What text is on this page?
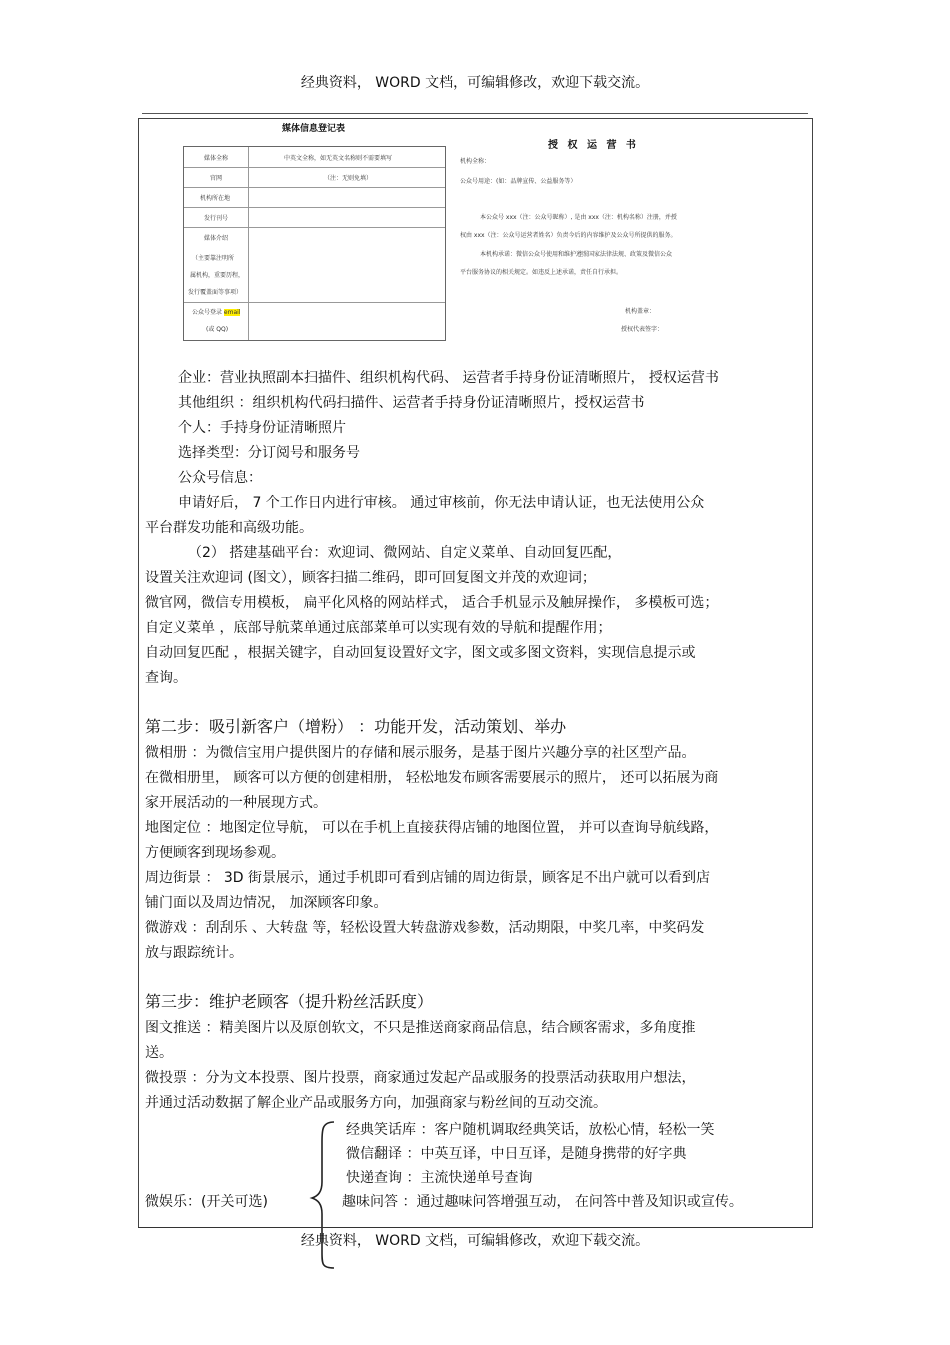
经典资料， WORD 文档，可编辑修改，欢迎下载交流。
媒体信息登记表
媒体全称	中英文全称，如无英文名称则不需要填写
官网	（注：无则免填）
机构所在地
发行刊号
媒体介绍
（主要靠注明所
属机构，重要历程，
发行覆盖面等事项）
公众号登录 email
(或 QQ)
授 权 运 营 书
机构全称：
公众号用途：(如：品牌宣传、公益服务等）
本公众号 xxx（注：公众号昵称）, 是由 xxx（注：机构名称）注册，并授
权由 xxx（注：公众号运营者姓名）负责今后的内容维护及公众号所提供的服务。
本机构承诺：微信公众号使用和维护遵照国家法律法规、政策及微信公众
平台服务协议的相关规定。如违反上述承诺，责任自行承担。
机构盖章：
授权代表签字：
企业：营业执照副本扫描件、组织机构代码、 运营者手持身份证清晰照片， 授权运营书
其他组织 ：组织机构代码扫描件、运营者手持身份证清晰照片，授权运营书
个人：手持身份证清晰照片
选择类型：分订阅号和服务号
公众号信息：
申请好后， 7 个工作日内进行审核。 通过审核前，你无法申请认证，也无法使用公众
平台群发功能和高级功能。
（2） 搭建基础平台：欢迎词、微网站、自定义菜单、自动回复匹配，
设置关注欢迎词 (图文），顾客扫描二维码，即可回复图文并茂的欢迎词；
微官网，微信专用模板， 扁平化风格的网站样式， 适合手机显示及触屏操作， 多模板可选；
自定义菜单 ，底部导航菜单通过底部菜单可以实现有效的导航和提醒作用；
自动回复匹配 ，根据关键字，自动回复设置好文字，图文或多图文资料，实现信息提示或
查询。
第二步：吸引新客户（增粉） ：功能开发，活动策划、举办
微相册 ：为微信宝用户提供图片的存储和展示服务，是基于图片兴趣分享的社区型产品。
在微相册里， 顾客可以方便的创建相册， 轻松地发布顾客需要展示的照片， 还可以拓展为商
家开展活动的一种展现方式。
地图定位 ：地图定位导航， 可以在手机上直接获得店铺的地图位置， 并可以查询导航线路，
方便顾客到现场参观。
周边街景 ： 3D 街景展示，通过手机即可看到店铺的周边街景，顾客足不出户就可以看到店
铺门面以及周边情况， 加深顾客印象。
微游戏 ：刮刮乐 、大转盘 等，轻松设置大转盘游戏参数，活动期限，中奖几率，中奖码发
放与跟踪统计。
第三步：维护老顾客（提升粉丝活跃度）
图文推送 ：精美图片以及原创软文，不只是推送商家商品信息，结合顾客需求，多角度推
送。
微投票 ：分为文本投票、图片投票，商家通过发起产品或服务的投票活动获取用户想法，
并通过活动数据了解企业产品或服务方向，加强商家与粉丝间的互动交流。
经典笑话库 ：客户随机调取经典笑话，放松心情，轻松一笑
微信翻译 ：中英互译，中日互译，是随身携带的好字典
快递查询 ：主流快递单号查询
趣味问答 ：通过趣味问答增强互动， 在问答中普及知识或宣传。
微娱乐：(开关可选)
经典资料， WORD 文档，可编辑修改，欢迎下载交流。
